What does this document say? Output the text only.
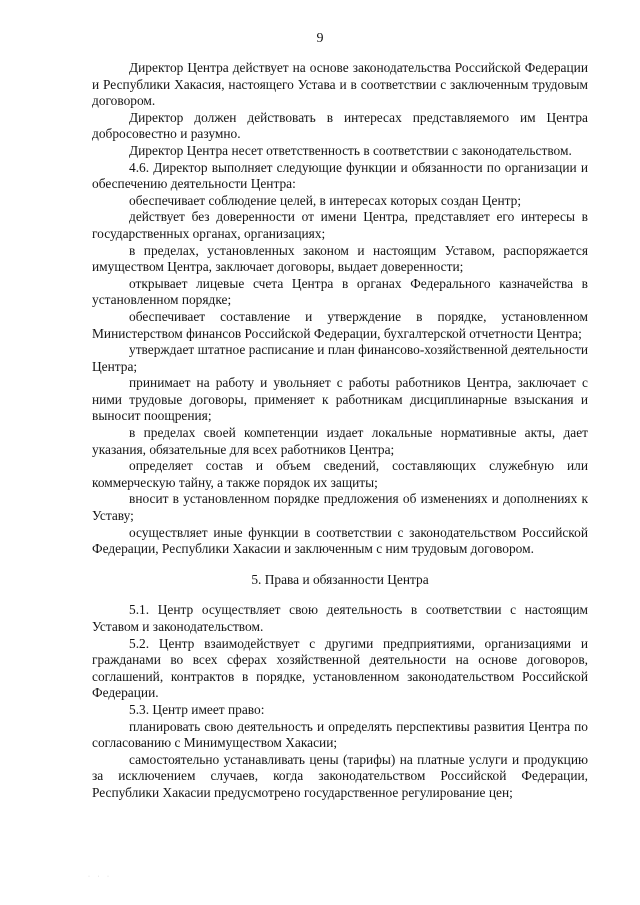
9

Директор Центра действует на основе законодательства Российской Федерации и Республики Хакасия, настоящего Устава и в соответствии с заключенным трудовым договором.

Директор должен действовать в интересах представляемого им Центра добросовестно и разумно.

Директор Центра несет ответственность в соответствии с законодательством.

4.6. Директор выполняет следующие функции и обязанности по организации и обеспечению деятельности Центра:

обеспечивает соблюдение целей, в интересах которых создан Центр;

действует без доверенности от имени Центра, представляет его интересы в государственных органах, организациях;

в пределах, установленных законом и настоящим Уставом, распоряжается имуществом Центра, заключает договоры, выдает доверенности;

открывает лицевые счета Центра в органах Федерального казначейства в установленном порядке;

обеспечивает составление и утверждение в порядке, установленном Министерством финансов Российской Федерации, бухгалтерской отчетности Центра;

утверждает штатное расписание и план финансово-хозяйственной деятельности Центра;

принимает на работу и увольняет с работы работников Центра, заключает с ними трудовые договоры, применяет к работникам дисциплинарные взыскания и выносит поощрения;

в пределах своей компетенции издает локальные нормативные акты, дает указания, обязательные для всех работников Центра;

определяет состав и объем сведений, составляющих служебную или коммерческую тайну, а также порядок их защиты;

вносит в установленном порядке предложения об изменениях и дополнениях к Уставу;

осуществляет иные функции в соответствии с законодательством Российской Федерации, Республики Хакасии и заключенным с ним трудовым договором.

5. Права и обязанности Центра

5.1. Центр осуществляет свою деятельность в соответствии с настоящим Уставом и законодательством.

5.2. Центр взаимодействует с другими предприятиями, организациями и гражданами во всех сферах хозяйственной деятельности на основе договоров, соглашений, контрактов в порядке, установленном законодательством Российской Федерации.

5.3. Центр имеет право:

планировать свою деятельность и определять перспективы развития Центра по согласованию с Минимуществом Хакасии;

самостоятельно устанавливать цены (тарифы) на платные услуги и продукцию за исключением случаев, когда законодательством Российской Федерации, Республики Хакасии предусмотрено государственное регулирование цен;

· · ·
